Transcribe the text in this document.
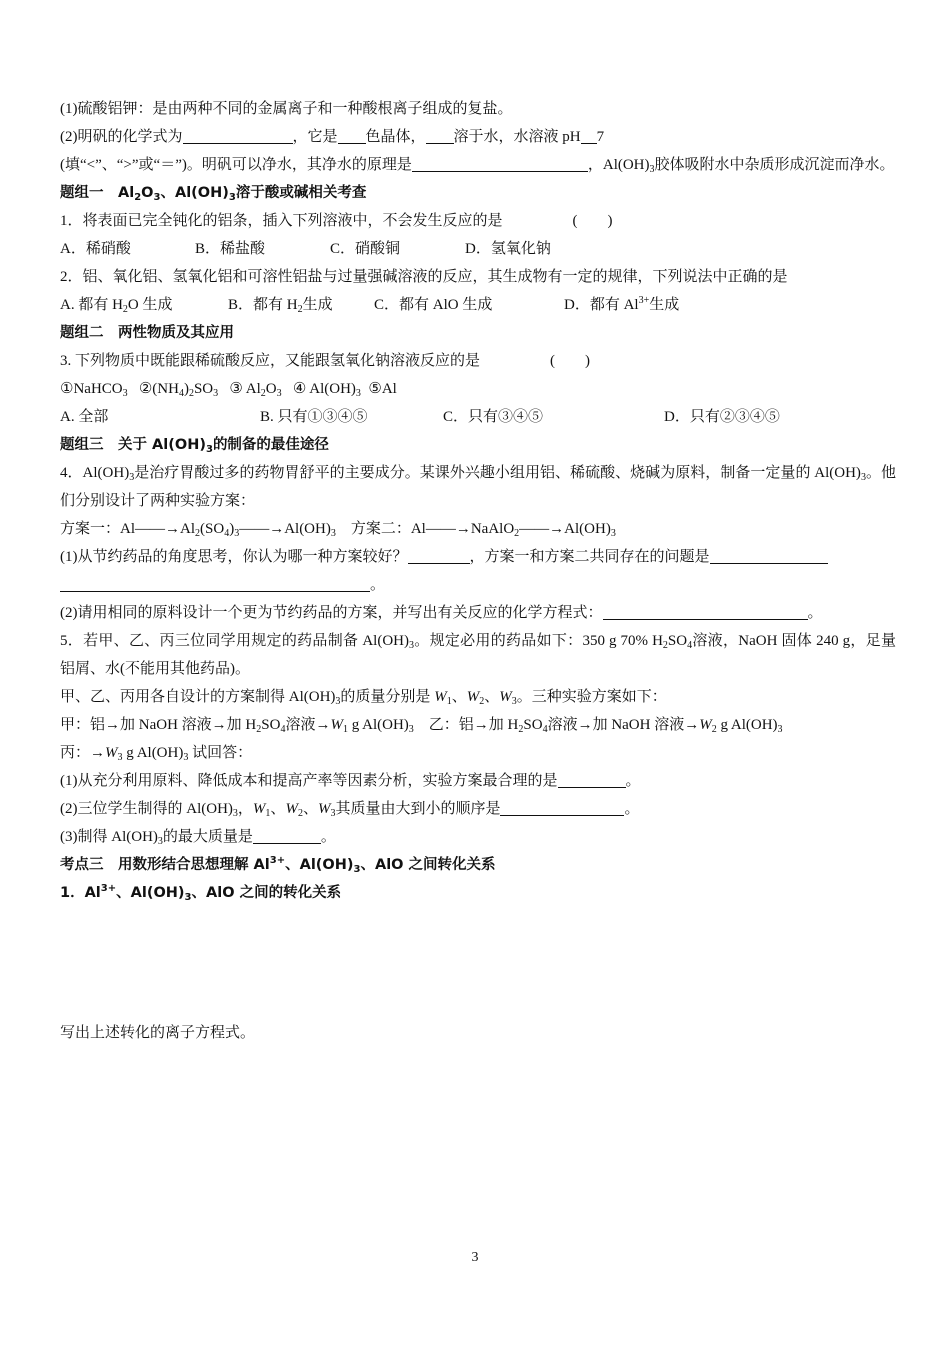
(1)硫酸铝钾：是由两种不同的金属离子和一种酸根离子组成的复盐。
(2)明矾的化学式为	，它是 色晶体， 溶于水，水溶液 pH 7
(填“<”、“>”或“＝”)。明矾可以净水，其净水的原理是	，$Al(OH)_3$胶体吸附水中杂质形成沉淀而净水。
题组一　$Al_2O_3$、$Al(OH)_3$溶于酸或碱相关考查
1．将表面已完全钝化的铝条，插入下列溶液中，不会发生反应的是	(　　)
A．稀硝酸	B．稀盐酸	C．硝酸铜	D．氢氧化钠
2．铝、氧化铝、氢氧化铝和可溶性铝盐与过量强碱溶液的反应，其生成物有一定的规律，下列说法中正确的是
A. 都有 $H_2O$ 生成	B．都有 $H_2$生成	C．都有 AlO 生成	D．都有 $Al^{3+}$生成
题组二　两性物质及其应用
3. 下列物质中既能跟稀硫酸反应，又能跟氢氧化钠溶液反应的是	(　　)
①NaHCO$_3$ $②(NH_4)_2SO_3$ ③ $Al_2O_3$ ④ $Al(OH)_3$ ⑤Al
A. 全部	B. 只有①③④⑤	C．只有③④⑤	D．只有②③④⑤
题组三　关于 $Al(OH)_3$的制备的最佳途径
4．$Al(OH)_3$是治疗胃酸过多的药物胃舒平的主要成分。某课外兴趣小组用铝、稀硫酸、烧碱为原料，制备一定量的 $Al(OH)_3$。他们分别设计了两种实验方案：
方案一：$Al――\to Al_2(SO_4)_3――\to Al(OH)_3$　方案二：$Al――\to NaAlO_2――\to Al(OH)_3$
(1)从节约药品的角度思考，你认为哪一种方案较好？	，方案一和方案二共同存在的问题是
。
(2)请用相同的原料设计一个更为节约药品的方案，并写出有关反应的化学方程式：	。
5．若甲、乙、丙三位同学用规定的药品制备 $Al(OH)_3$。规定必用的药品如下：350 g 70% $H_2SO_4$溶液，NaOH 固体 240 g，足量铝屑、水(不能用其他药品)。
甲、乙、丙用各自设计的方案制得 $Al(OH)_3$的质量分别是 $W_1$、$W_2$、$W_3$。三种实验方案如下：
甲：铝→加 NaOH 溶液→加 $H_2SO_4$溶液$\to W_1$ g $Al(OH)_3$　乙：铝→加 $H_2SO_4$溶液→加 NaOH 溶液$\to W_2$ g $Al(OH)_3$
丙：$\to W_3$ g $Al(OH)_3$ 试回答：
(1)从充分利用原料、降低成本和提高产率等因素分析，实验方案最合理的是	。
(2)三位学生制得的 $Al(OH)_3$，$W_1$、$W_2$、$W_3$其质量由大到小的顺序是	。
(3)制得 $Al(OH)_3$的最大质量是	。
考点三　用数形结合思想理解 $Al^{3+}$、$Al(OH)_3$、AlO 之间转化关系
1．$Al^{3+}$、$Al(OH)_3$、AlO 之间的转化关系
写出上述转化的离子方程式。
3
